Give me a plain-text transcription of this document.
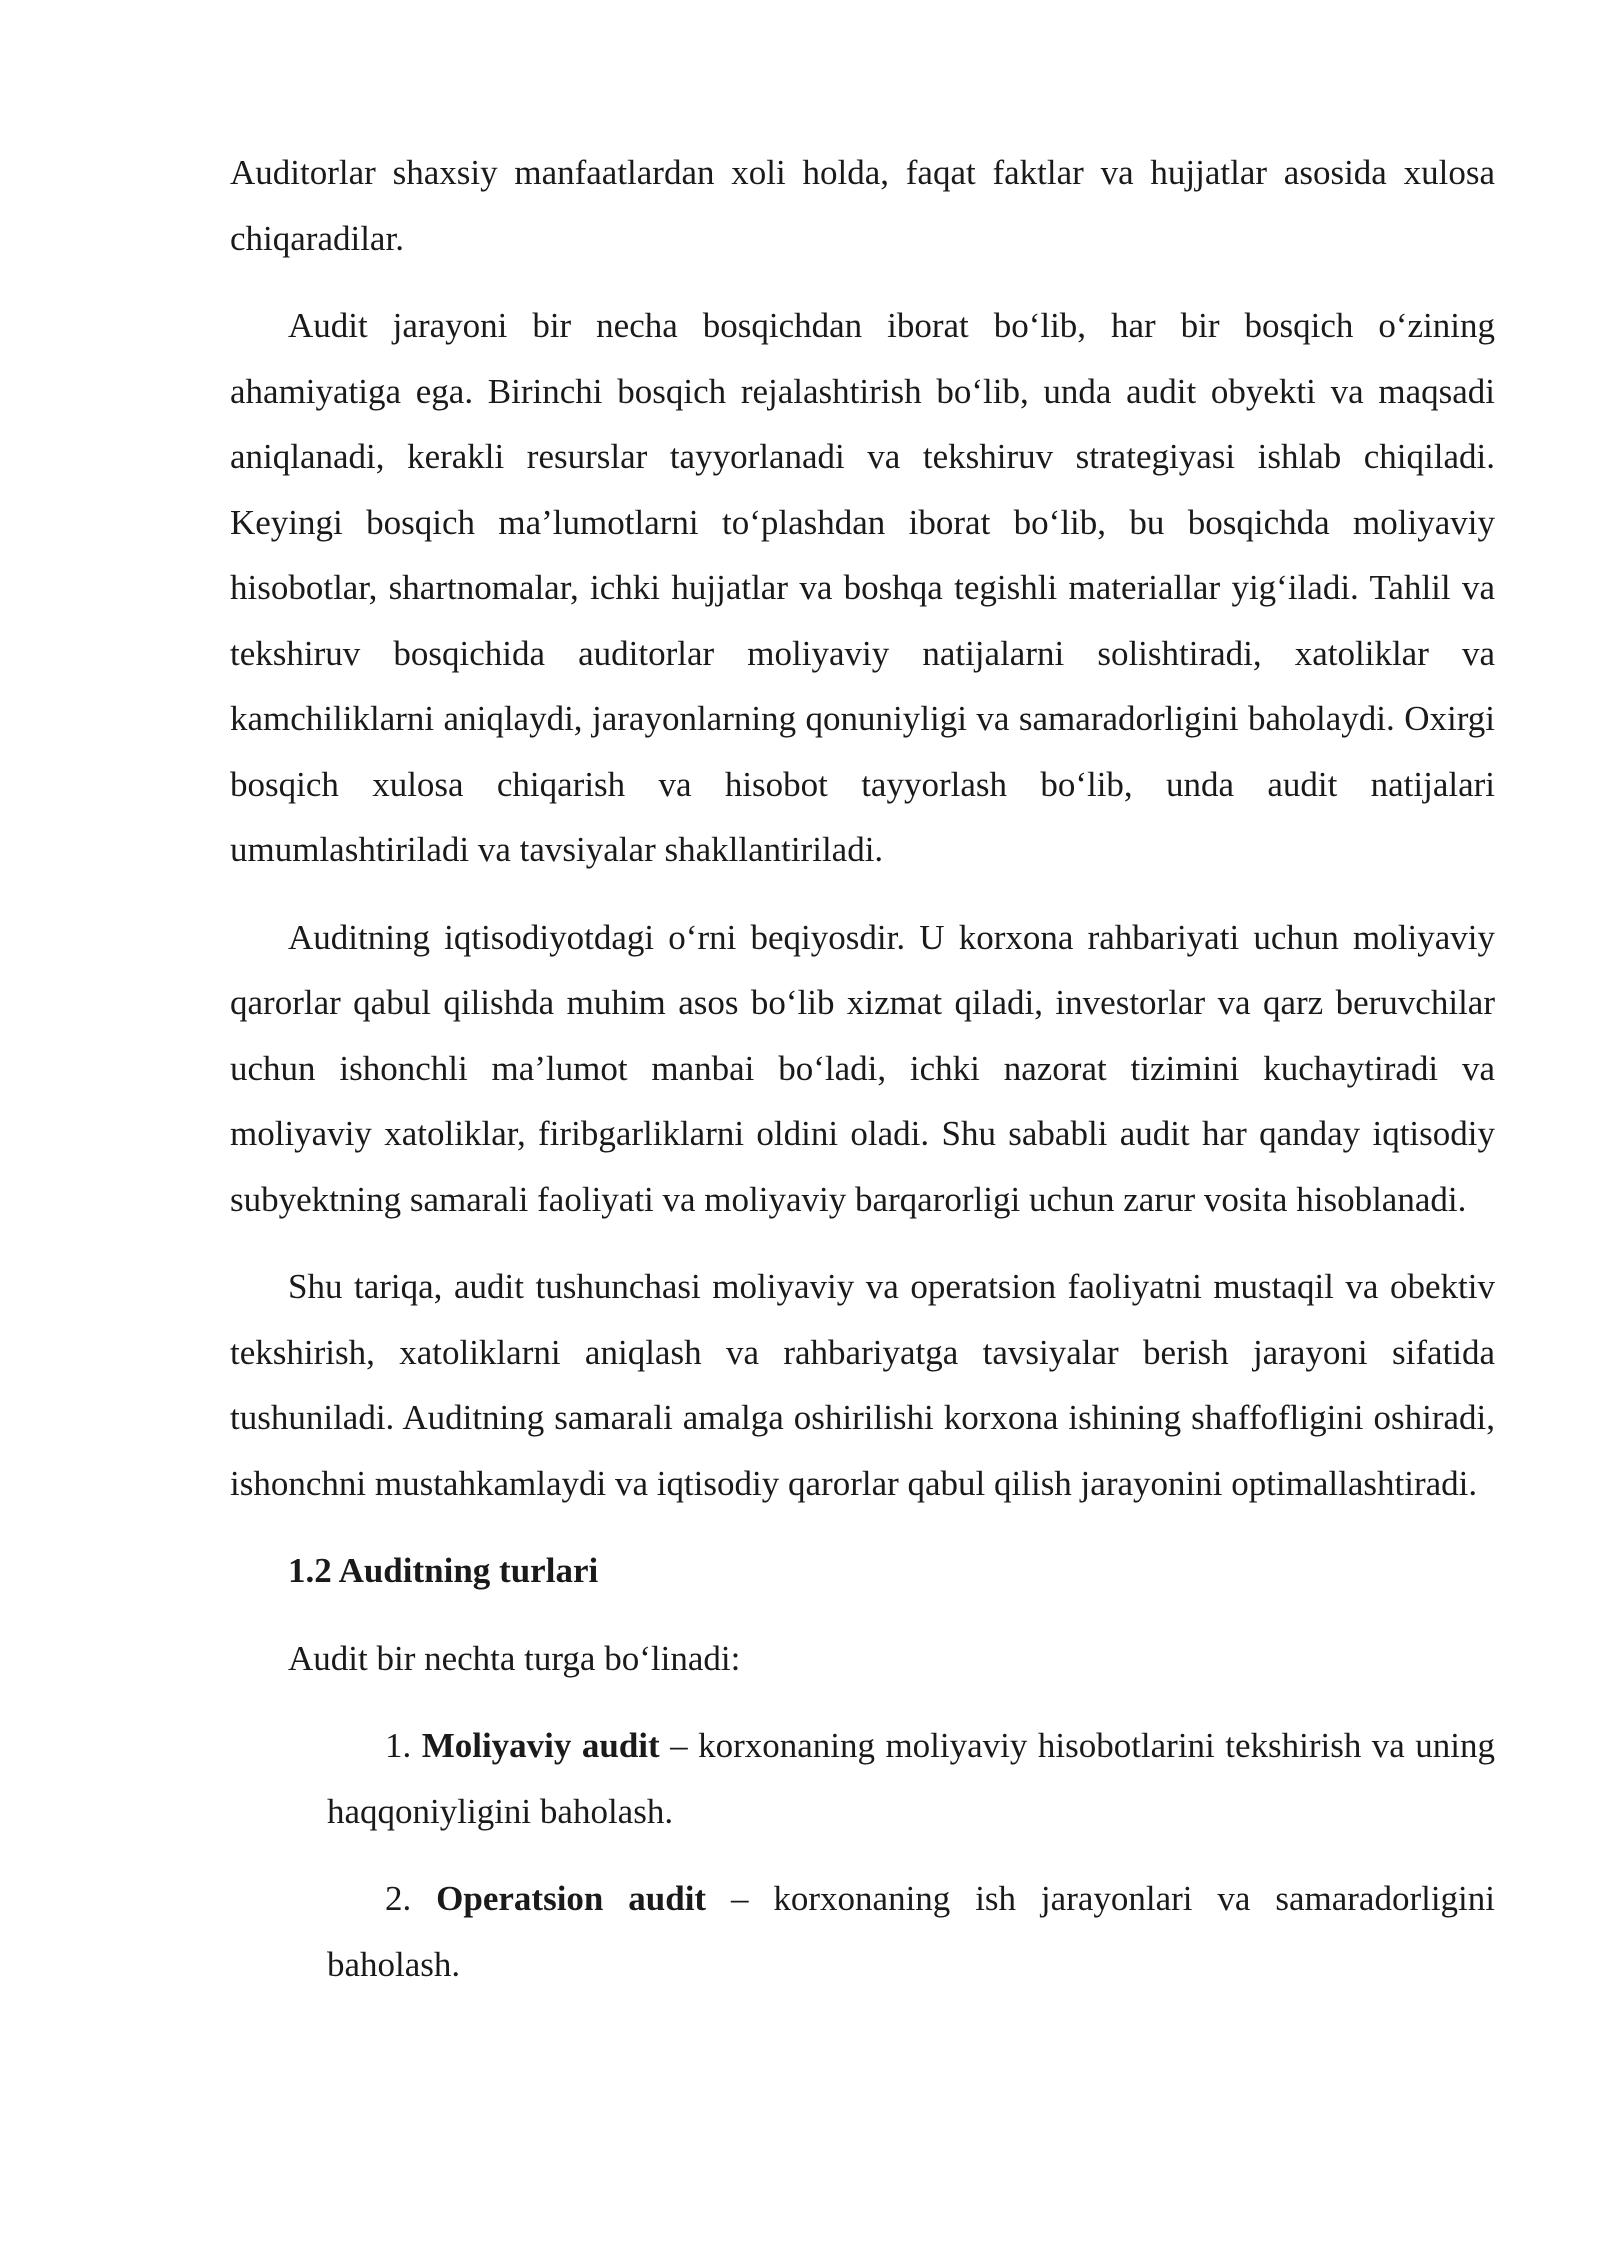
Auditorlar shaxsiy manfaatlardan xoli holda, faqat faktlar va hujjatlar asosida xulosa chiqaradilar.

Audit jarayoni bir necha bosqichdan iborat bo‘lib, har bir bosqich o‘zining ahamiyatiga ega. Birinchi bosqich rejalashtirish bo‘lib, unda audit obyekti va maqsadi aniqlanadi, kerakli resurslar tayyorlanadi va tekshiruv strategiyasi ishlab chiqiladi. Keyingi bosqich ma’lumotlarni to‘plashdan iborat bo‘lib, bu bosqichda moliyaviy hisobotlar, shartnomalar, ichki hujjatlar va boshqa tegishli materiallar yig‘iladi. Tahlil va tekshiruv bosqichida auditorlar moliyaviy natijalarni solishtiradi, xatoliklar va kamchiliklarni aniqlaydi, jarayonlarning qonuniyligi va samaradorligini baholaydi. Oxirgi bosqich xulosa chiqarish va hisobot tayyorlash bo‘lib, unda audit natijalari umumlashtiriladi va tavsiyalar shakllantiriladi.

Auditning iqtisodiyotdagi o‘rni beqiyosdir. U korxona rahbariyati uchun moliyaviy qarorlar qabul qilishda muhim asos bo‘lib xizmat qiladi, investorlar va qarz beruvchilar uchun ishonchli ma’lumot manbai bo‘ladi, ichki nazorat tizimini kuchaytiradi va moliyaviy xatoliklar, firibgarliklarni oldini oladi. Shu sababli audit har qanday iqtisodiy subyektning samarali faoliyati va moliyaviy barqarorligi uchun zarur vosita hisoblanadi.

Shu tariqa, audit tushunchasi moliyaviy va operatsion faoliyatni mustaqil va obektiv tekshirish, xatoliklarni aniqlash va rahbariyatga tavsiyalar berish jarayoni sifatida tushuniladi. Auditning samarali amalga oshirilishi korxona ishining shaffofligini oshiradi, ishonchni mustahkamlaydi va iqtisodiy qarorlar qabul qilish jarayonini optimallashtiradi.

1.2 Auditning turlari

Audit bir nechta turga bo‘linadi:

1. Moliyaviy audit – korxonaning moliyaviy hisobotlarini tekshirish va uning haqqoniyligini baholash.

2. Operatsion audit – korxonaning ish jarayonlari va samaradorligini baholash.
